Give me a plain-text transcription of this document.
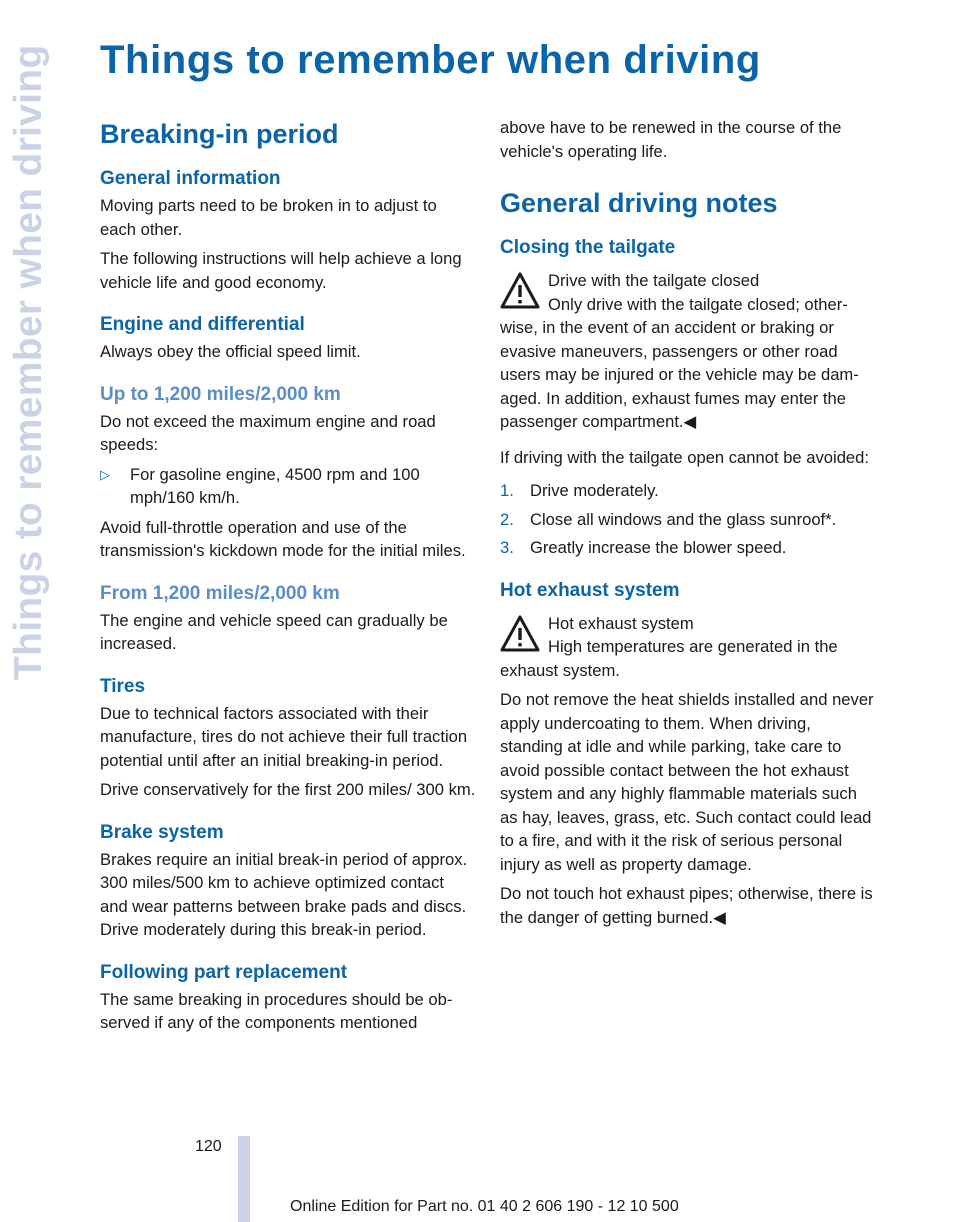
Things to remember when driving Things to remember when driving
Breaking-in period
General information

Moving parts need to be broken in to adjust to each other.

The following instructions will help achieve a long vehicle life and good economy.

Engine and differential

Always obey the official speed limit.

Up to 1,200 miles/2,000 km

Do not exceed the maximum engine and road speeds:

▷	For gasoline engine, 4500 rpm and 100 mph/160 km/h.

Avoid full-throttle operation and use of the transmission's kickdown mode for the initial miles.

From 1,200 miles/2,000 km

The engine and vehicle speed can gradually be increased.

Tires

Due to technical factors associated with their manufacture, tires do not achieve their full traction potential until after an initial breaking-in period.

Drive conservatively for the first 200 miles/ 300 km.

Brake system

Brakes require an initial break-in period of approx. 300 miles/500 km to achieve optimized contact and wear patterns between brake pads and discs. Drive moderately during this break-in period.

Following part replacement

The same breaking in procedures should be observed if any of the components mentioned

above have to be renewed in the course of the vehicle's operating life.

General driving notes
Closing the tailgate

Drive with the tailgate closed

Only drive with the tailgate closed; otherwise, in the event of an accident or braking or evasive maneuvers, passengers or other road users may be injured or the vehicle may be damaged. In addition, exhaust fumes may enter the passenger compartment.◀

If driving with the tailgate open cannot be avoided:

1. Drive moderately.
2. Close all windows and the glass sunroof*.
3. Greatly increase the blower speed.
Hot exhaust system

Hot exhaust system

High temperatures are generated in the exhaust system.

Do not remove the heat shields installed and never apply undercoating to them. When driving, standing at idle and while parking, take care to avoid possible contact between the hot exhaust system and any highly flammable materials such as hay, leaves, grass, etc. Such contact could lead to a fire, and with it the risk of serious personal injury as well as property damage.

Do not touch hot exhaust pipes; otherwise, there is the danger of getting burned.◀

120
Online Edition for Part no. 01 40 2 606 190 - 12 10 500
